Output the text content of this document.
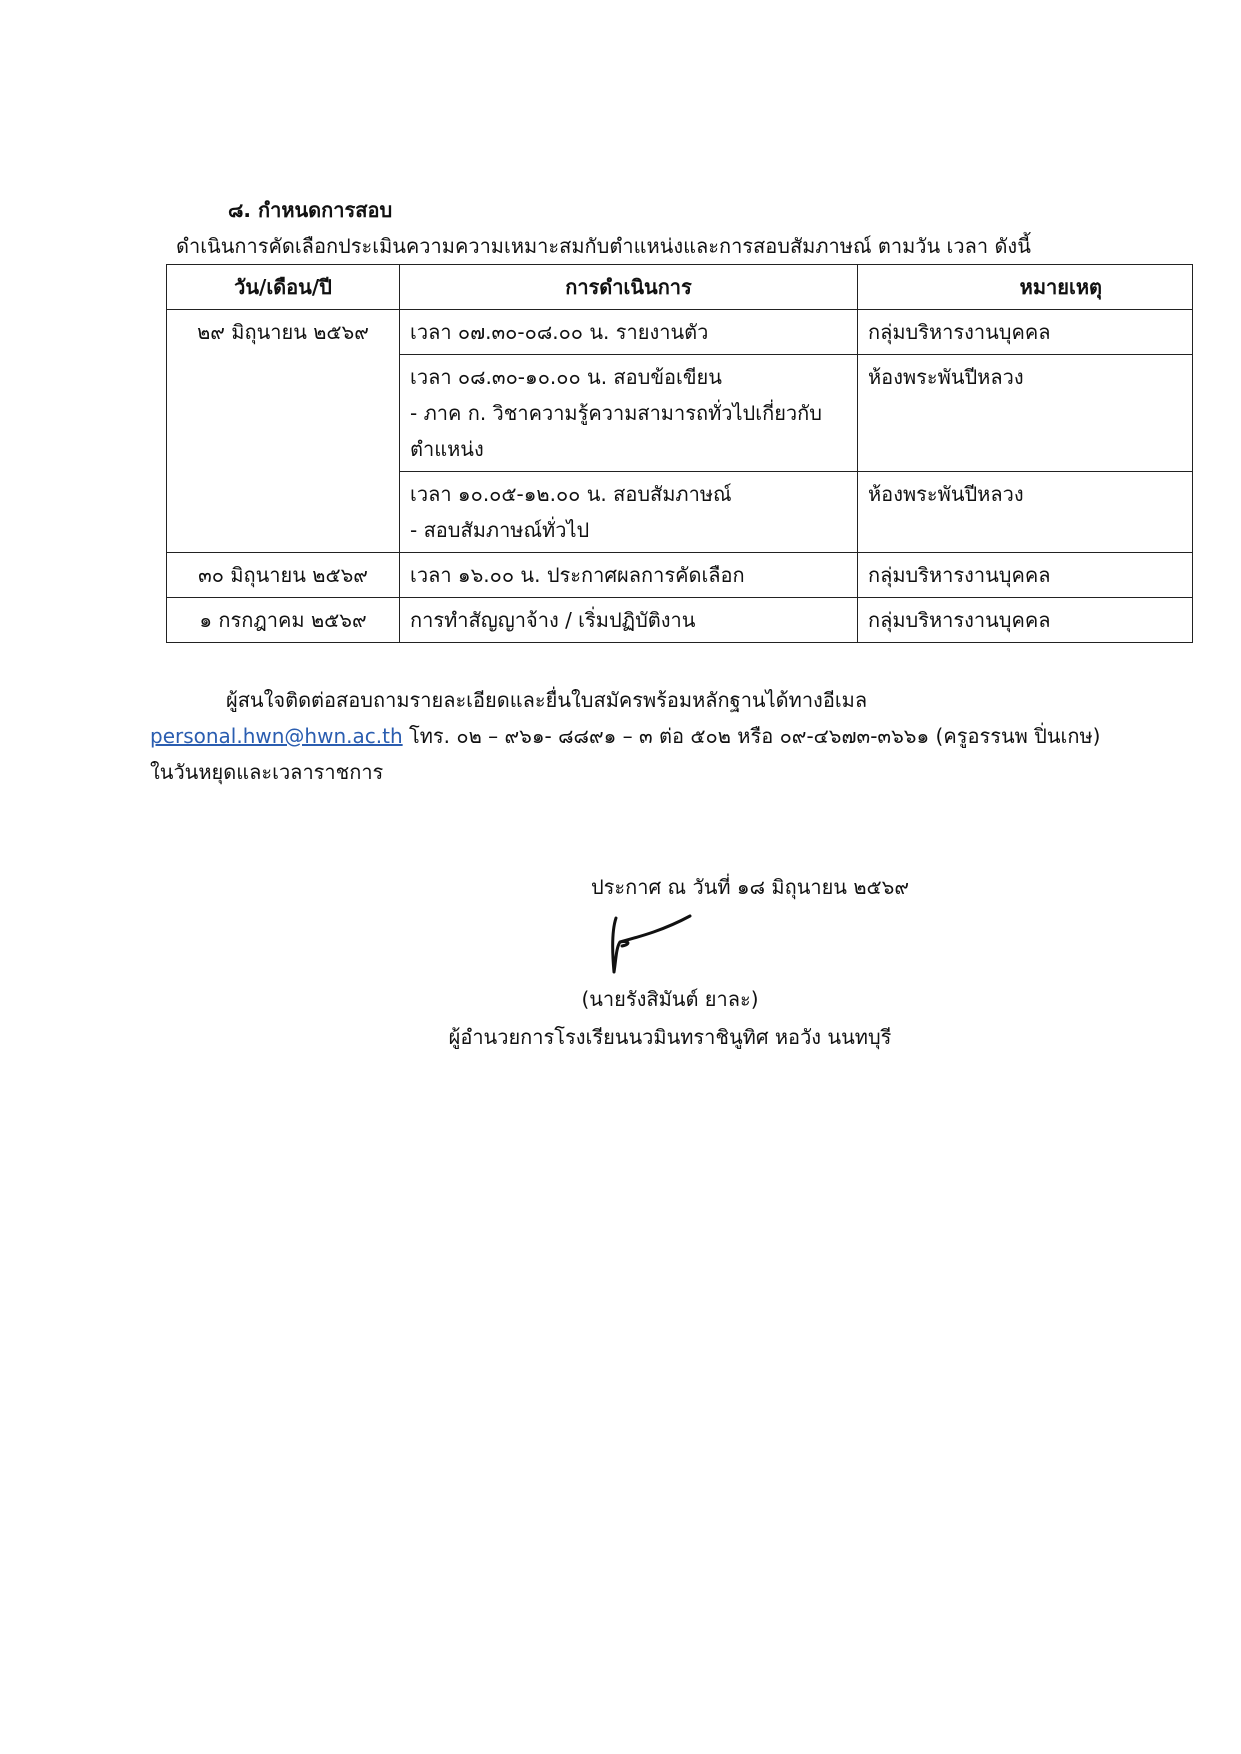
๘. กำหนดการสอบ
ดำเนินการคัดเลือกประเมินความความเหมาะสมกับตำแหน่งและการสอบสัมภาษณ์ ตามวัน เวลา ดังนี้
วัน/เดือน/ปี	การดำเนินการ	หมายเหตุ
๒๙ มิถุนายน ๒๕๖๙	เวลา ๐๗.๓๐-๐๘.๐๐ น. รายงานตัว	กลุ่มบริหารงานบุคคล

	เวลา ๐๘.๓๐-๑๐.๐๐ น. สอบข้อเขียน
- ภาค ก. วิชาความรู้ความสามารถทั่วไปเกี่ยวกับ
ตำแหน่ง	ห้องพระพันปีหลวง

	เวลา ๑๐.๐๕-๑๒.๐๐ น. สอบสัมภาษณ์
- สอบสัมภาษณ์ทั่วไป	ห้องพระพันปีหลวง
๓๐ มิถุนายน ๒๕๖๙	เวลา ๑๖.๐๐ น. ประกาศผลการคัดเลือก	กลุ่มบริหารงานบุคคล
๑ กรกฎาคม ๒๕๖๙	การทำสัญญาจ้าง / เริ่มปฏิบัติงาน	กลุ่มบริหารงานบุคคล
ผู้สนใจติดต่อสอบถามรายละเอียดและยื่นใบสมัครพร้อมหลักฐานได้ทางอีเมล
personal.hwn@hwn.ac.th โทร. ๐๒ – ๙๖๑- ๘๘๙๑ – ๓ ต่อ ๕๐๒ หรือ ๐๙-๔๖๗๓-๓๖๖๑ (ครูอรรนพ ปิ่นเกษ)
ในวันหยุดและเวลาราชการ
ประกาศ ณ วันที่ ๑๘ มิถุนายน ๒๕๖๙
(นายรังสิมันต์ ยาละ)
ผู้อำนวยการโรงเรียนนวมินทราชินูทิศ หอวัง นนทบุรี
